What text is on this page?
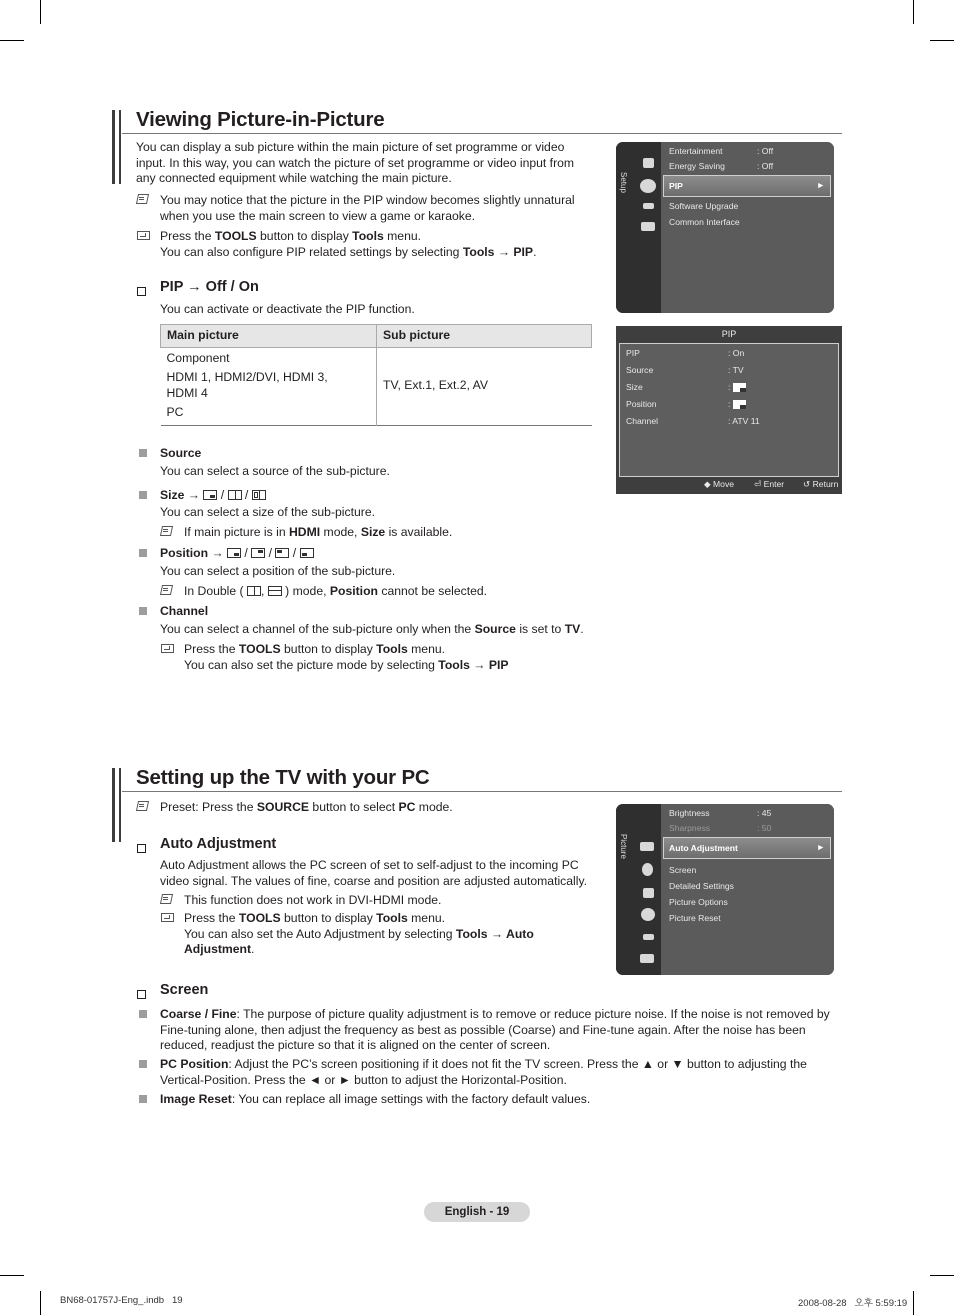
Viewing Picture-in-Picture
You can display a sub picture within the main picture of set programme or video input. In this way, you can watch the picture of set programme or video input from any connected equipment while watching the main picture.
You may notice that the picture in the PIP window becomes slightly unnatural when you use the main screen to view a game or karaoke.
Press the TOOLS button to display Tools menu.
You can also configure PIP related settings by selecting Tools → PIP.
PIP → Off / On
You can activate or deactivate the PIP function.
Main picture	Sub picture

Component
HDMI 1, HDMI2/DVI, HDMI 3, HDMI 4
PC	TV, Ext.1, Ext.2, AV
Source
You can select a source of the sub-picture.
Size →
/
/
You can select a size of the sub-picture.
If main picture is in HDMI mode, Size is available.
Position →
/
/
/
You can select a position of the sub-picture.
In Double (
,
) mode, Position cannot be selected.
Channel
You can select a channel of the sub-picture only when the Source is set to TV.
Press the TOOLS button to display Tools menu.
You can also set the picture mode by selecting Tools → PIP
Setup
Entertainment	: Off
Energy Saving	: Off
PIP	►
Software Upgrade
Common Interface
PIP
PIP	: On
Source	: TV
Size	:
Position	:
Channel	: ATV 11
◆ Move ⏎ Enter ↺ Return
Setting up the TV with your PC
Preset: Press the SOURCE button to select PC mode.
Auto Adjustment
Auto Adjustment allows the PC screen of set to self-adjust to the incoming PC video signal. The values of fine, coarse and position are adjusted automatically.
This function does not work in DVI-HDMI mode.
Press the TOOLS button to display Tools menu.
You can also set the Auto Adjustment by selecting Tools → Auto Adjustment.
Picture
Brightness	: 45
Sharpness	: 50
Auto Adjustment	►
Screen
Detailed Settings
Picture Options
Picture Reset
Screen
Coarse / Fine: The purpose of picture quality adjustment is to remove or reduce picture noise. If the noise is not removed by Fine-tuning alone, then adjust the frequency as best as possible (Coarse) and Fine-tune again. After the noise has been reduced, readjust the picture so that it is aligned on the center of screen.
PC Position: Adjust the PC’s screen positioning if it does not fit the TV screen. Press the ▲ or ▼ button to adjusting the Vertical-Position. Press the ◄ or ► button to adjust the Horizontal-Position.
Image Reset: You can replace all image settings with the factory default values.
English - 19
BN68-01757J-Eng_.indb   19	2008-08-28   오후 5:59:19
